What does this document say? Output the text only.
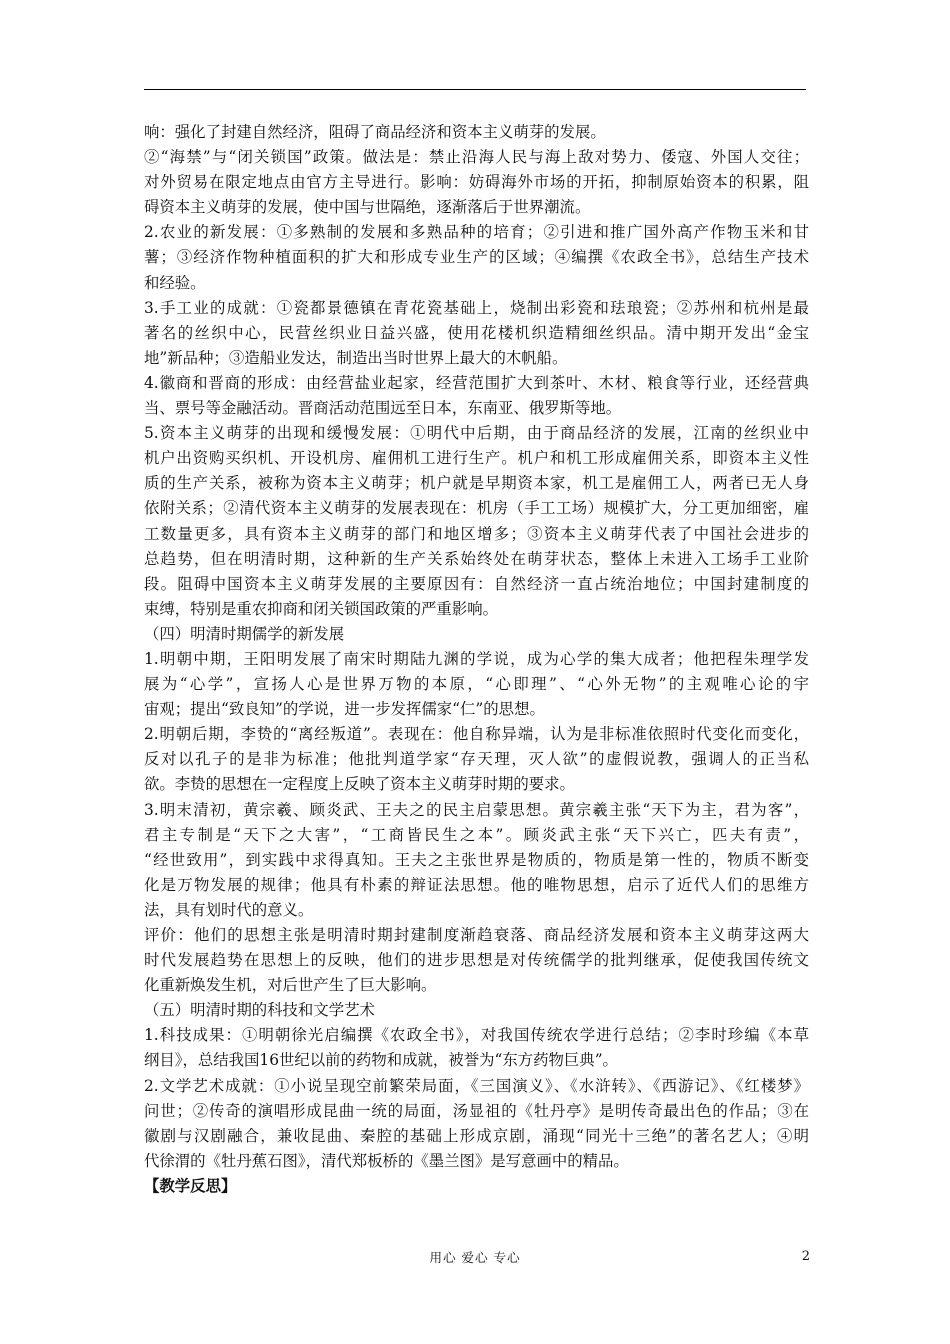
响：强化了封建自然经济，阻碍了商品经济和资本主义萌芽的发展。
②“海禁”与“闭关锁国”政策。做法是：禁止沿海人民与海上敌对势力、倭寇、外国人交往；
对外贸易在限定地点由官方主导进行。影响：妨碍海外市场的开拓，抑制原始资本的积累，阻
碍资本主义萌芽的发展，使中国与世隔绝，逐渐落后于世界潮流。
2.农业的新发展：①多熟制的发展和多熟品种的培育；②引进和推广国外高产作物玉米和甘
薯；③经济作物种植面积的扩大和形成专业生产的区域；④编撰《农政全书》，总结生产技术
和经验。
3.手工业的成就：①瓷都景德镇在青花瓷基础上，烧制出彩瓷和珐琅瓷；②苏州和杭州是最
著名的丝织中心，民营丝织业日益兴盛，使用花楼机织造精细丝织品。清中期开发出“金宝
地”新品种；③造船业发达，制造出当时世界上最大的木帆船。
4.徽商和晋商的形成：由经营盐业起家，经营范围扩大到茶叶、木材、粮食等行业，还经营典
当、票号等金融活动。晋商活动范围远至日本，东南亚、俄罗斯等地。
5.资本主义萌芽的出现和缓慢发展：①明代中后期，由于商品经济的发展，江南的丝织业中
机户出资购买织机、开设机房、雇佣机工进行生产。机户和机工形成雇佣关系，即资本主义性
质的生产关系，被称为资本主义萌芽；机户就是早期资本家，机工是雇佣工人，两者已无人身
依附关系；②清代资本主义萌芽的发展表现在：机房（手工工场）规模扩大，分工更加细密，雇
工数量更多，具有资本主义萌芽的部门和地区增多；③资本主义萌芽代表了中国社会进步的
总趋势，但在明清时期，这种新的生产关系始终处在萌芽状态，整体上未进入工场手工业阶
段。阻碍中国资本主义萌芽发展的主要原因有：自然经济一直占统治地位；中国封建制度的
束缚，特别是重农抑商和闭关锁国政策的严重影响。
（四）明清时期儒学的新发展
1.明朝中期，王阳明发展了南宋时期陆九渊的学说，成为心学的集大成者；他把程朱理学发
展为“心学”，宣扬人心是世界万物的本原，“心即理”、“心外无物”的主观唯心论的宇
宙观；提出“致良知”的学说，进一步发挥儒家“仁”的思想。
2.明朝后期，李贽的“离经叛道”。表现在：他自称异端，认为是非标准依照时代变化而变化，
反对以孔子的是非为标准；他批判道学家“存天理，灭人欲”的虚假说教，强调人的正当私
欲。李贽的思想在一定程度上反映了资本主义萌芽时期的要求。
3.明末清初，黄宗羲、顾炎武、王夫之的民主启蒙思想。黄宗羲主张“天下为主，君为客”，
君主专制是“天下之大害”，“工商皆民生之本”。顾炎武主张“天下兴亡，匹夫有责”，
“经世致用”，到实践中求得真知。王夫之主张世界是物质的，物质是第一性的，物质不断变
化是万物发展的规律；他具有朴素的辩证法思想。他的唯物思想，启示了近代人们的思维方
法，具有划时代的意义。
评价：他们的思想主张是明清时期封建制度渐趋衰落、商品经济发展和资本主义萌芽这两大
时代发展趋势在思想上的反映，他们的进步思想是对传统儒学的批判继承，促使我国传统文
化重新焕发生机，对后世产生了巨大影响。
（五）明清时期的科技和文学艺术
1.科技成果：①明朝徐光启编撰《农政全书》，对我国传统农学进行总结；②李时珍编《本草
纲目》，总结我国16世纪以前的药物和成就，被誉为“东方药物巨典”。
2.文学艺术成就：①小说呈现空前繁荣局面，《三国演义》、《水浒转》、《西游记》、《红楼梦》
问世；②传奇的演唱形成昆曲一统的局面，汤显祖的《牡丹亭》是明传奇最出色的作品；③在
徽剧与汉剧融合，兼收昆曲、秦腔的基础上形成京剧，涌现“同光十三绝”的著名艺人；④明
代徐渭的《牡丹蕉石图》，清代郑板桥的《墨兰图》是写意画中的精品。
【教学反思】
用心 爱心 专心	2
